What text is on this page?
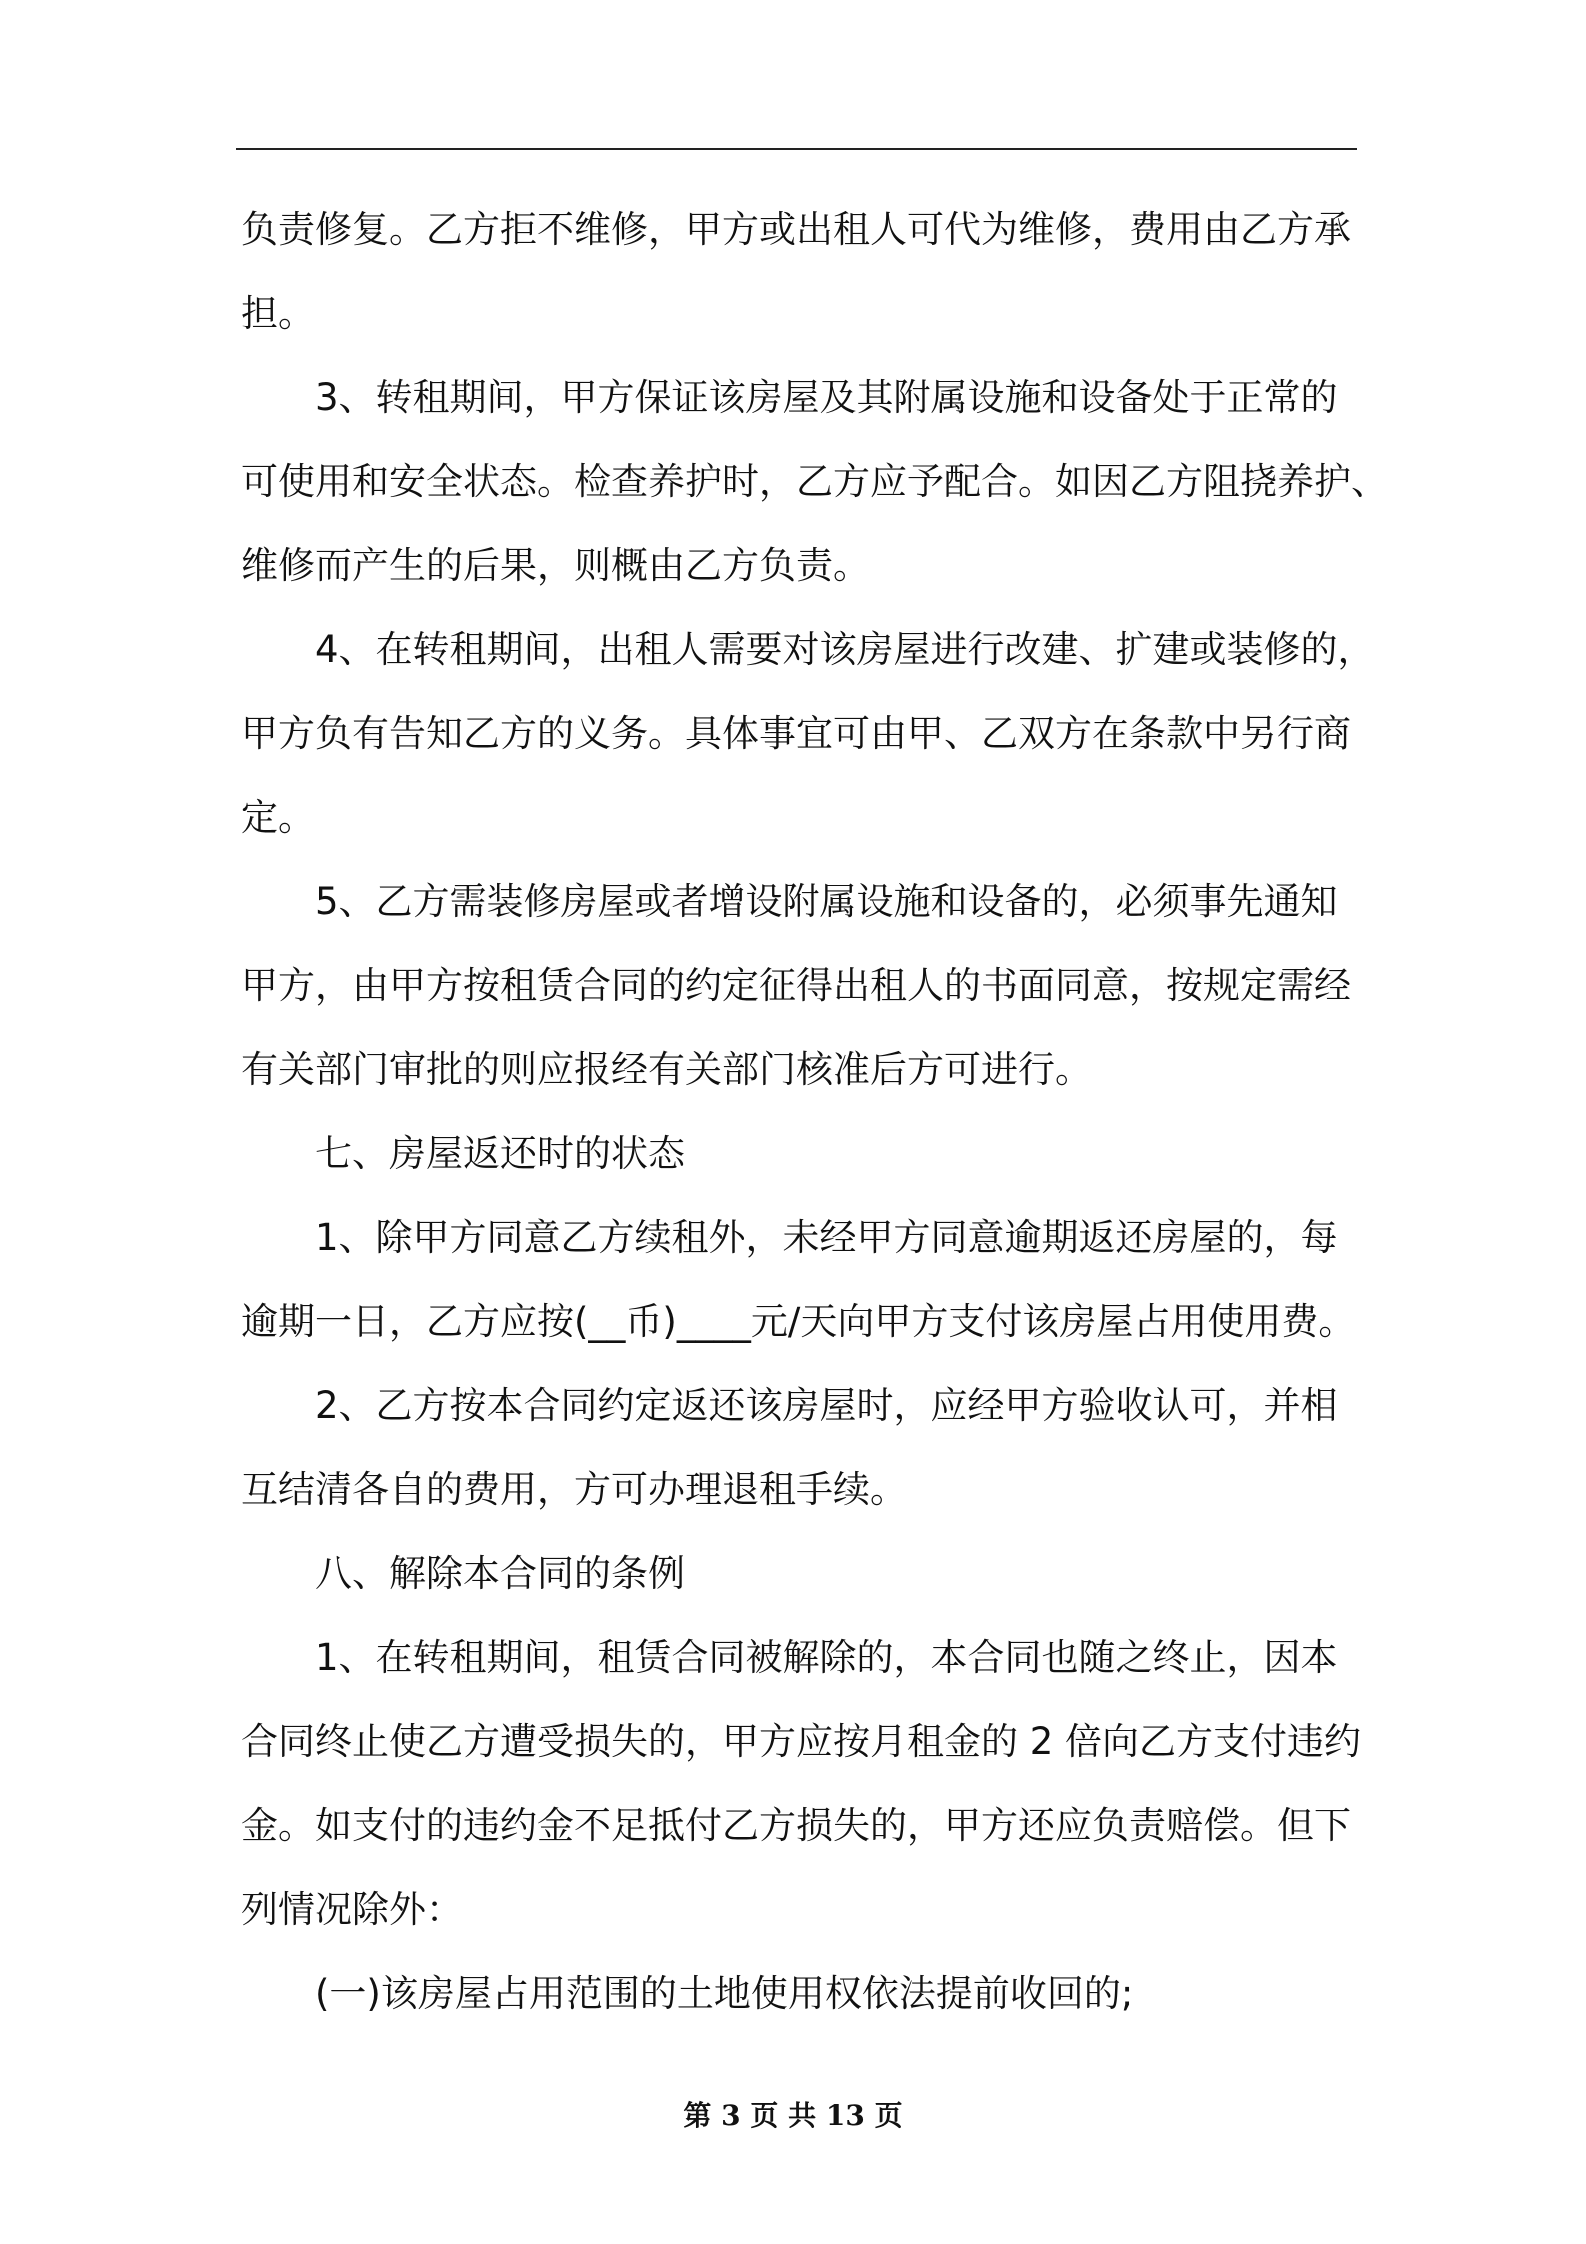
负责修复。乙方拒不维修，甲方或出租人可代为维修，费用由乙方承
担。
3、转租期间，甲方保证该房屋及其附属设施和设备处于正常的
可使用和安全状态。检查养护时，乙方应予配合。如因乙方阻挠养护、
维修而产生的后果，则概由乙方负责。
4、在转租期间，出租人需要对该房屋进行改建、扩建或装修的，
甲方负有告知乙方的义务。具体事宜可由甲、乙双方在条款中另行商
定。
5、乙方需装修房屋或者增设附属设施和设备的，必须事先通知
甲方，由甲方按租赁合同的约定征得出租人的书面同意，按规定需经
有关部门审批的则应报经有关部门核准后方可进行。
七、房屋返还时的状态
1、除甲方同意乙方续租外，未经甲方同意逾期返还房屋的，每
逾期一日，乙方应按(__币)____元/天向甲方支付该房屋占用使用费。
2、乙方按本合同约定返还该房屋时，应经甲方验收认可，并相
互结清各自的费用，方可办理退租手续。
八、解除本合同的条例
1、在转租期间，租赁合同被解除的，本合同也随之终止，因本
合同终止使乙方遭受损失的，甲方应按月租金的 2 倍向乙方支付违约
金。如支付的违约金不足抵付乙方损失的，甲方还应负责赔偿。但下
列情况除外：
(一)该房屋占用范围的土地使用权依法提前收回的;
第 3 页 共 13 页
